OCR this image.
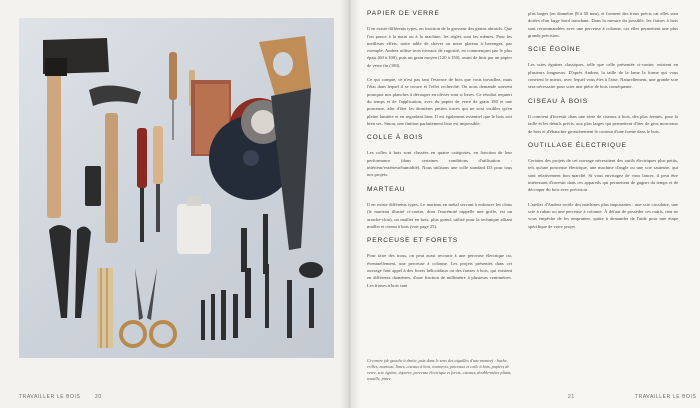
TRAVAILLER LE BOIS	20
PAPIER DE VERRE

Il en existe différents types, en fonction de la grosseur des grains abrasifs. Que l'on ponce à la main ou à la machine, les règles sont les mêmes. Pour les meilleurs effets, notre table de chevet ou notre plateau à bavenges, par exemple, Andrea utilise trois niveaux de rugosité, en commençant par le plus épais (60 à 100), puis un grain moyen (120 à 150), avant de finir par un papier de verre fin (180).

Ce qui compte, ce n'est pas tant l'essence de bois que vous travaillez, mais l'état dans lequel il se trouve et l'effet recherché. On nous demande souvent pourquoi nos planches à découper en olivier sont si lisses. Ce résultat requiert du temps et de l'application, avec du papier de verre de grain 180 et une ponceuse, afin d'ôter les dernières petites traces qui ne sont visibles qu'en pleine lumière et en regardant bien. Il est également essentiel que le bois soit bien sec. Sinon, une finition parfaitement lisse est impossible.

COLLE À BOIS

Les colles à bois sont classées en quatre catégories, en fonction de leur performance (dans certaines conditions d'utilisation : intérieur/extérieur/humidité). Nous utilisons une colle standard D3 pour tous nos projets.

MARTEAU

Il en existe différents types. Le marteau en métal servant à enfoncer les clous (le marteau illustré ci-contre, dont l'extrémité rappelle une griffe, est un arrache-clou), un maillet en bois, plus grand, utilisé pour la technique alliant maillet et ciseau à bois (voir page 25).

PERCEUSE ET FORETS

Pour faire des trous, on peut aussi recourir à une perceuse électrique ou, éventuellement, une perceuse à colonne. Les projets présentés dans cet ouvrage font appel à des forets hélicoïdaux ou des fraises à bois, qui existent en différents diamètres, d'une fraction de millimètre à plusieurs centimètres. Les fraises à bois sont

Ci-contre (de gauche à droite, puis dans le sens des aiguilles d'une montre) : hache, vrilles, marteau, limes, ciseaux à bois, tournevis, pinceaux et colle à bois, papiers de verre, scie égoïne, équerre, perceuse électrique et forets, ciseaux, double-mètre pliant, tenaille, pince.

plus larges (en diamètre (8 à 50 mm), et forment des trous précis car elles sont dotées d'un large bord tranchant. Dans la mesure du possible, les fraises à bois sont recommandées avec une perceuse à colonne, car elles permettent une plus grande précision.

SCIE ÉGOÏNE

Les scies égoïnes classiques, telle que celle présentée ci-contre, existent en plusieurs longueurs. D'après Andrea, la taille de la lame la forme qui vous convient le mieux, avec lequel vous êtes à l'aise. Naturellement, une grande scie sera nécessaire pour scier une pièce de bois conséquente.

CISEAU À BOIS

Il convient d'investir dans une série de ciseaux à bois, des plus fermés, pour la taille et les détails précis, aux plus larges qui permettent d'ôter de gros morceaux de bois et d'ébaucher grossièrement le contour d'une forme dans le bois.

OUTILLAGE ÉLECTRIQUE

Certains des projets de cet ouvrage nécessitent des outils électriques plus petits, tels qu'une ponceuse électrique, une machine d'angle ou une scie sauteuse, qui sont relativement bon marché. Si vous envisagez de vous lancer, il peut être intéressant d'investir dans ces appareils qui permettent de gagner du temps et de découper du bois avec précision.

L'atelier d'Andrea recèle des machines plus imposantes : une scie circulaire, une scie à ruban ou une perceuse à colonne. À défaut de posséder ces outils, rien ne vous empêche de les emprunter, quitte à demander de l'aide pour une étape spécifique de votre projet.

21	TRAVAILLER LE BOIS
